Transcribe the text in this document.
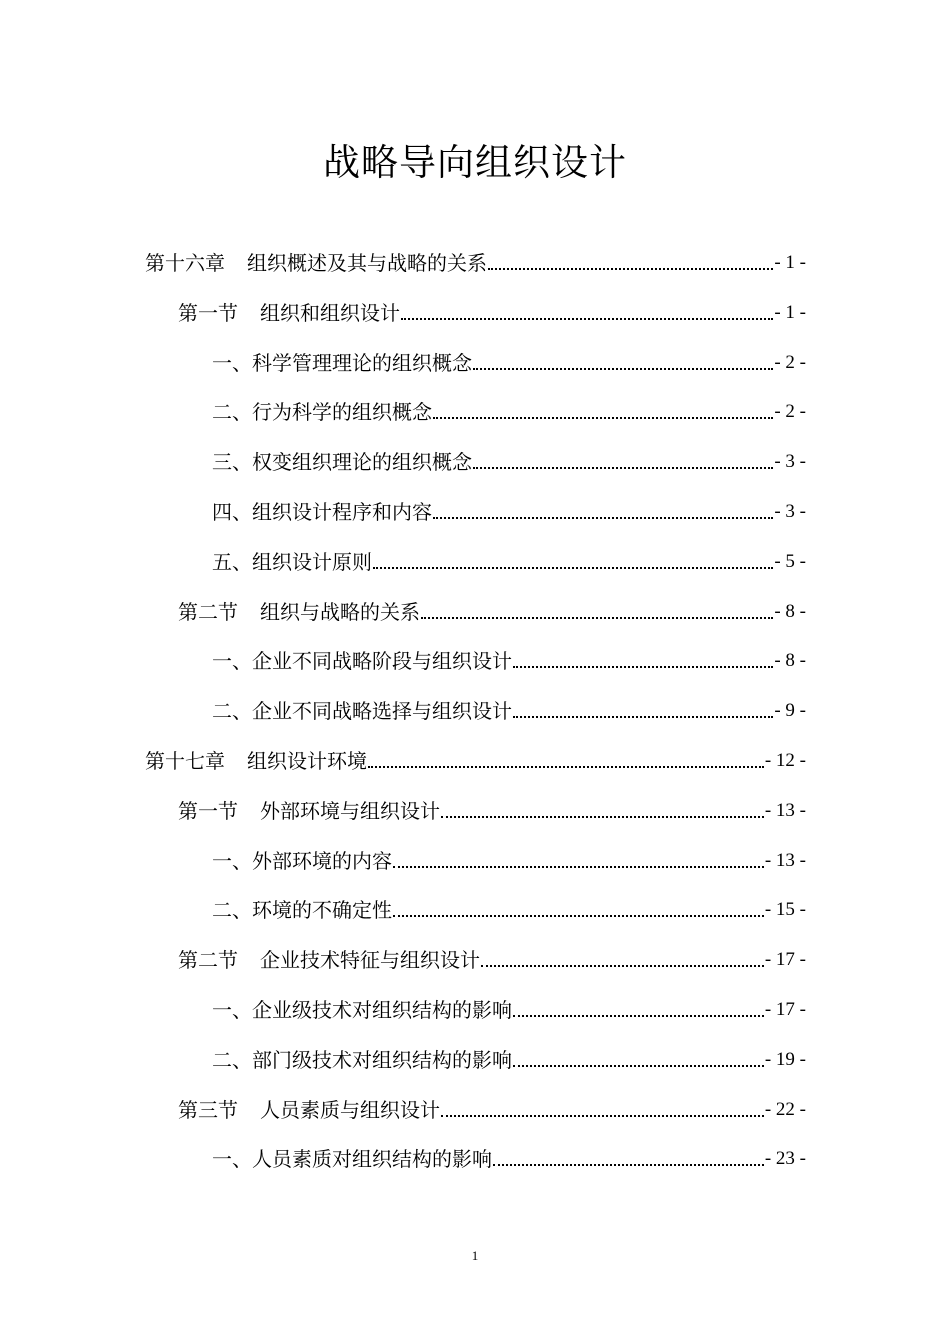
战略导向组织设计
第十六章 组织概述及其与战略的关系	- 1 -
第一节 组织和组织设计	- 1 -
一、科学管理理论的组织概念	- 2 -
二、行为科学的组织概念	- 2 -
三、权变组织理论的组织概念	- 3 -
四、组织设计程序和内容	- 3 -
五、组织设计原则	- 5 -
第二节 组织与战略的关系	- 8 -
一、企业不同战略阶段与组织设计	- 8 -
二、企业不同战略选择与组织设计	- 9 -
第十七章 组织设计环境	- 12 -
第一节 外部环境与组织设计	- 13 -
一、外部环境的内容	- 13 -
二、环境的不确定性	- 15 -
第二节 企业技术特征与组织设计	- 17 -
一、企业级技术对组织结构的影响	- 17 -
二、部门级技术对组织结构的影响	- 19 -
第三节 人员素质与组织设计	- 22 -
一、人员素质对组织结构的影响	- 23 -
1
